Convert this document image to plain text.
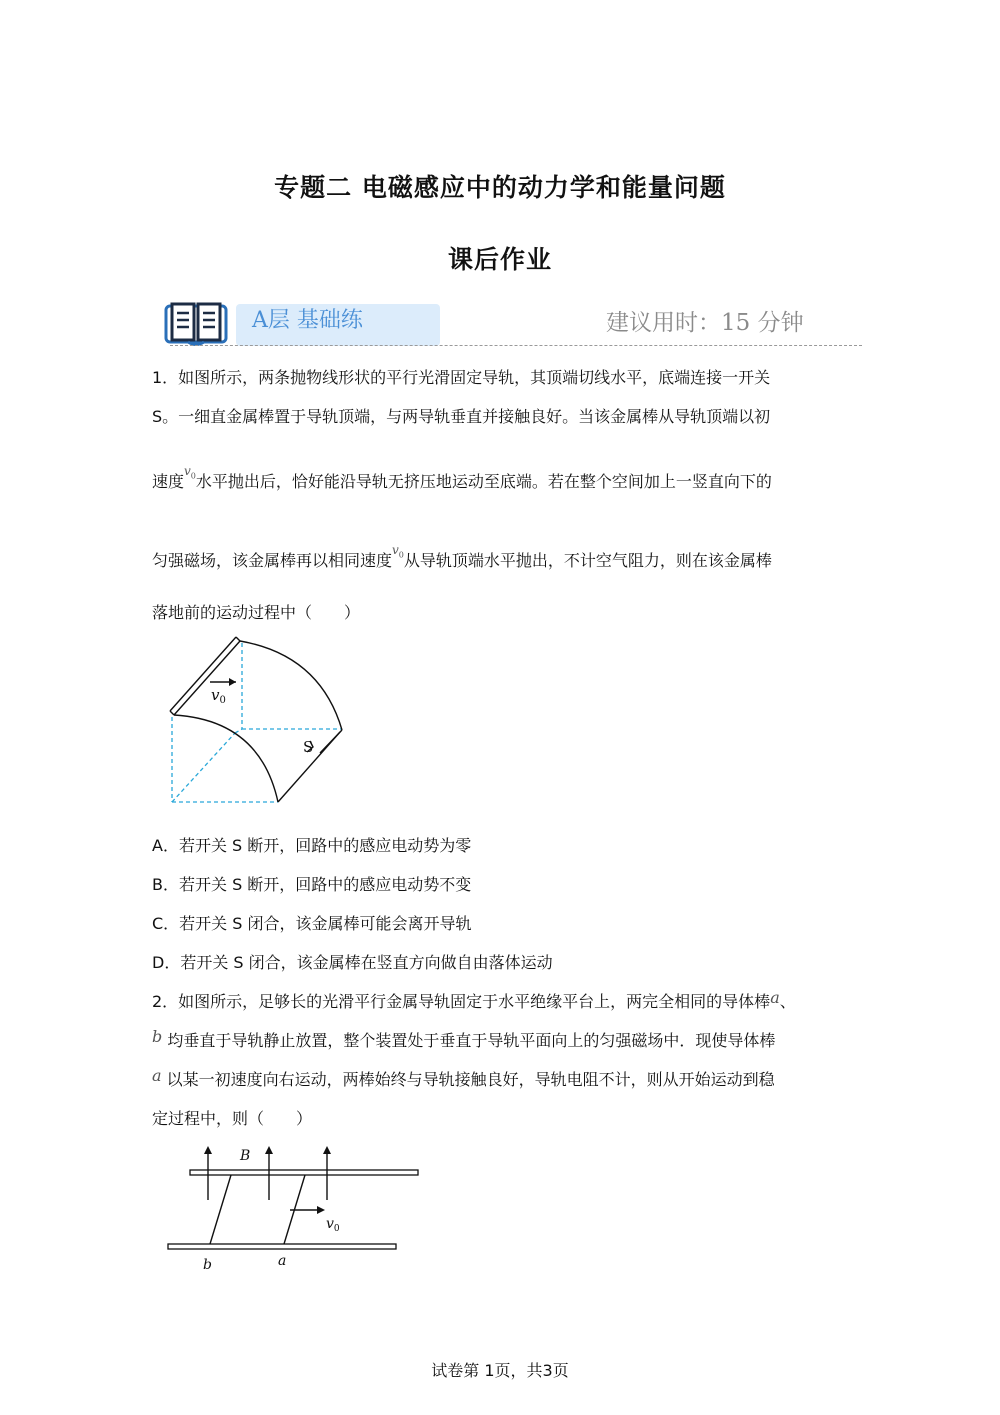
专题二 电磁感应中的动力学和能量问题
课后作业
A层 基础练	建议用时：15 分钟
1．如图所示，两条抛物线形状的平行光滑固定导轨，其顶端切线水平，底端连接一开关
S。一细直金属棒置于导轨顶端，与两导轨垂直并接触良好。当该金属棒从导轨顶端以初
速度$^{v_0}$水平抛出后，恰好能沿导轨无挤压地运动至底端。若在整个空间加上一竖直向下的
匀强磁场，该金属棒再以相同速度$^{v_0}$从导轨顶端水平抛出，不计空气阻力，则在该金属棒
落地前的运动过程中（　　）
$v_0$
S
A．若开关 S 断开，回路中的感应电动势为零
B．若开关 S 断开，回路中的感应电动势不变
C．若开关 S 闭合，该金属棒可能会离开导轨
D．若开关 S 闭合，该金属棒在竖直方向做自由落体运动
2．如图所示，足够长的光滑平行金属导轨固定于水平绝缘平台上，两完全相同的导体棒a、
b 均垂直于导轨静止放置，整个装置处于垂直于导轨平面向上的匀强磁场中．现使导体棒
a 以某一初速度向右运动，两棒始终与导轨接触良好，导轨电阻不计，则从开始运动到稳
定过程中，则（　　）
B
$v_0$
b	a
试卷第 1页，共3页
